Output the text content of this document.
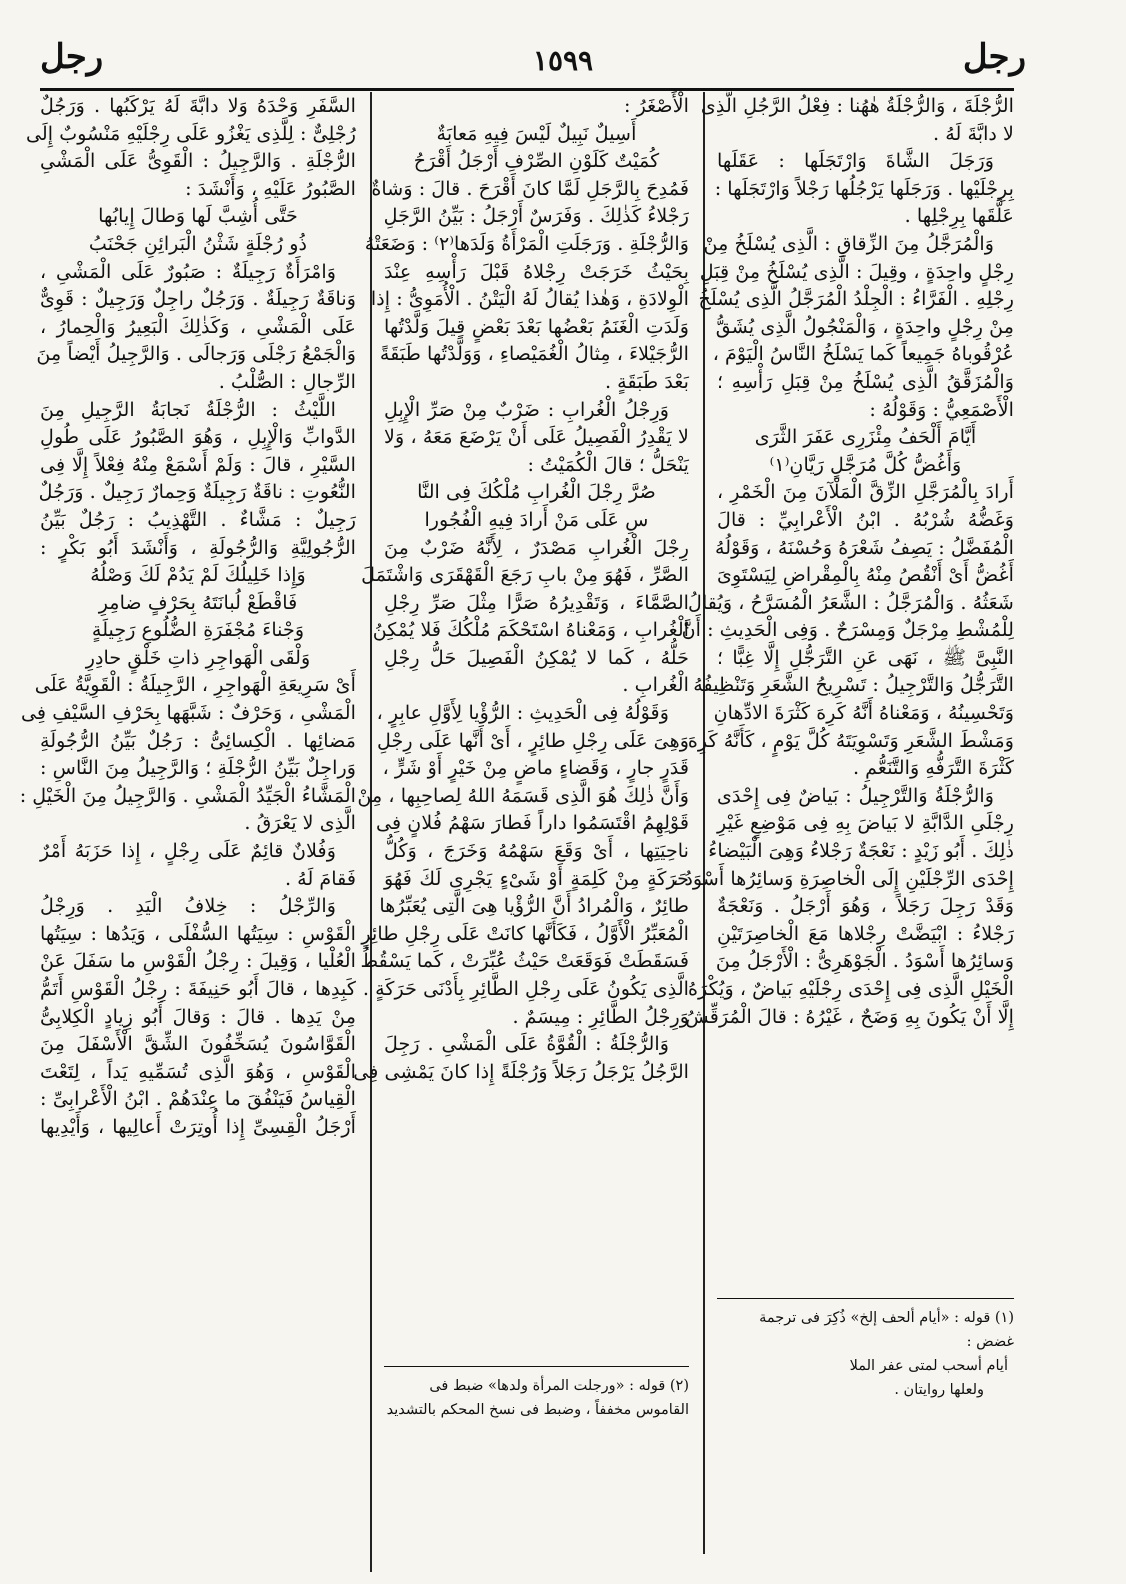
رجل
١٥٩٩
رجل

الرُّجْلَةَ ، وَالرُّجْلَةُ هٰهُنا : فِعْلُ الرَّجُلِ الَّذِى

لا دابَّةَ لَهُ .

وَرَجَلَ الشَّاةَ وَارْتَجَلَها : عَقَلَها

بِرِجْلَيْها . وَرَجَلَها يَرْجُلُها رَجْلاً وَارْتَجَلَها :

عَلَّقَها بِرِجْلِها .

وَالْمُرَجَّلُ مِنَ الزِّقاقِ : الَّذِى يُسْلَخُ مِنْ

رِجْلٍ واحِدَةٍ ، وقِيلَ : الَّذِى يُسْلَخُ مِنْ قِبَلِ

رِجْلِهِ . الْفَرَّاءُ : الْجِلْدُ الْمُرَجَّلُ الَّذِى يُسْلَخُ

مِنْ رِجْلٍ واحِدَةٍ ، وَالْمَنْجُولُ الَّذِى يُشَقُّ

عُرْقُوباهُ جَمِيعاً كَما يَسْلَخُ النَّاسُ الْيَوْمَ ،

وَالْمُزَقَّقُ الَّذِى يُسْلَخُ مِنْ قِبَلِ رَأْسِهِ ؛

الْأَصْمَعِيُّ : وَقَوْلُهُ :

أَيَّامَ أَلْحَفُ مِئْزَرِى عَفَرَ الثَّرَى

وَأَغُضُّ كُلَّ مُرَجَّلٍ رَيَّانِ⁽١⁾

أَرادَ بِالْمُرَجَّلِ الزِّقَّ الْمَلْآنَ مِنَ الْخَمْرِ ،

وَغَضُّهُ شُرْبُهُ . ابْنُ الْأَعْرابِيِّ : قالَ

الْمُفَضَّلُ : يَصِفُ شَعْرَهُ وَحُسْنَهُ ، وَقَوْلُهُ

أَغُضُّ أَىْ أَنْقُصُ مِنْهُ بِالْمِقْراضِ لِيَسْتَوِىَ

شَعَثُهُ . وَالْمُرَجَّلُ : الشَّعَرُ الْمُسَرَّحُ ، وَيُقالُ

لِلْمُشْطِ مِرْجَلٌ وَمِسْرَحٌ . وَفِى الْحَدِيثِ : أَنَّ

النَّبِىَّ ﷺ ، نَهَى عَنِ التَّرَجُّلِ إِلَّا غِبًّا ؛

التَّرَجُّلُ وَالتَّرْجِيلُ : تَسْرِيحُ الشَّعَرِ وَتَنْظِيفُهُ

وَتَحْسِينُهُ ، وَمَعْناهُ أَنَّهُ كَرِهَ كَثْرَةَ الادِّهانِ

وَمَشْطَ الشَّعَرِ وَتَسْوِيَتَهُ كُلَّ يَوْمٍ ، كَأَنَّهُ كَرِهَ

كَثْرَةَ التَّرَفُّهِ وَالتَّنَعُّمِ .

وَالرُّجْلَةُ وَالتَّرْجِيلُ : بَياضٌ فِى إِحْدَى

رِجْلَىِ الدَّابَّةِ لا بَياضَ بِهِ فِى مَوْضِعٍ غَيْرِ

ذٰلِكَ . أَبُو زَيْدٍ : نَعْجَةٌ رَجْلاءُ وَهِىَ الْبَيْضاءُ

إِحْدَى الرِّجْلَيْنِ إِلَى الْخاصِرَةِ وَسائِرُها أَسْوَدُ ،

وَقَدْ رَجِلَ رَجَلاً ، وَهُوَ أَرْجَلُ . وَنَعْجَةٌ

رَجْلاءُ : ابْيَضَّتْ رِجْلاها مَعَ الْخاصِرَتَيْنِ

وَسائِرُها أَسْوَدُ . الْجَوْهَرِىُّ : الْأَرْجَلُ مِنَ

الْخَيْلِ الَّذِى فِى إِحْدَى رِجْلَيْهِ بَياضٌ ، وَيُكْرَهُ

إِلَّا أَنْ يَكُونَ بِهِ وَضَحٌ ، غَيْرُهُ : قالَ الْمُرَقِّشُ

الْأَصْغَرُ :

أَسِيلٌ نَبِيلٌ لَيْسَ فِيهِ مَعابَةٌ

كُمَيْتٌ كَلَوْنِ الصِّرْفِ أَرْجَلُ أَقْرَحُ

فَمُدِحَ بِالرَّجَلِ لَمَّا كانَ أَقْرَحَ . قالَ : وَشاةٌ

رَجْلاءُ كَذٰلِكَ . وَفَرَسٌ أَرْجَلُ : بَيِّنُ الرَّجَلِ

وَالرُّجْلَةِ . وَرَجَلَتِ الْمَرْأَةُ وَلَدَها⁽٢⁾ : وَضَعَتْهُ

بِحَيْثُ خَرَجَتْ رِجْلاهُ قَبْلَ رَأْسِهِ عِنْدَ

الْوِلادَةِ ، وَهٰذا يُقالُ لَهُ الْيَتْنُ . الْأُمَوِىُّ : إِذا

وَلَدَتِ الْغَنَمُ بَعْضُها بَعْدَ بَعْضٍ قِيلَ وَلَّدْتُها

الرُّجَيْلاءَ ، مِثالُ الْغُمَيْصاءِ ، وَوَلَّدْتُها طَبَقَةً

بَعْدَ طَبَقَةٍ .

وَرِجْلُ الْغُرابِ : ضَرْبٌ مِنْ صَرِّ الْإِبِلِ

لا يَقْدِرُ الْفَصِيلُ عَلَى أَنْ يَرْضَعَ مَعَهُ ، وَلا

يَنْحَلُّ ؛ قالَ الْكُمَيْتُ :

صُرَّ رِجْلَ الْغُرابِ مُلْكُكَ فِى النَّا

سِ عَلَى مَنْ أَرادَ فِيهِ الْفُجُورا

رِجْلَ الْغُرابِ مَصْدَرٌ ، لِأَنَّهُ ضَرْبٌ مِنَ

الصَّرِّ ، فَهُوَ مِنْ بابِ رَجَعَ الْقَهْقَرَى وَاشْتَمَلَ

الصَّمَّاءَ ، وَتَقْدِيرُهُ صَرًّا مِثْلَ صَرِّ رِجْلِ

الْغُرابِ ، وَمَعْناهُ اسْتَحْكَمَ مُلْكُكَ فَلا يُمْكِنُ

حَلُّهُ ، كَما لا يُمْكِنُ الْفَصِيلَ حَلُّ رِجْلِ

الْغُرابِ .

وَقَوْلُهُ فِى الْحَدِيثِ : الرُّؤْيا لِأَوَّلِ عابِرٍ ،

وَهِىَ عَلَى رِجْلِ طائِرٍ ، أَىْ أَنَّها عَلَى رِجْلِ

قَدَرٍ جارٍ ، وَقَضاءٍ ماضٍ مِنْ خَيْرٍ أَوْ شَرٍّ ،

وَأَنَّ ذٰلِكَ هُوَ الَّذِى قَسَمَهُ اللهُ لِصاحِبِها ، مِنْ

قَوْلِهِمُ اقْتَسَمُوا داراً فَطارَ سَهْمُ فُلانٍ فِى

ناحِيَتِها ، أَىْ وَقَعَ سَهْمُهُ وَخَرَجَ ، وَكُلُّ

حَرَكَةٍ مِنْ كَلِمَةٍ أَوْ شَىْءٍ يَجْرِى لَكَ فَهُوَ

طائِرٌ ، وَالْمُرادُ أَنَّ الرُّؤْيا هِىَ الَّتِى يُعَبِّرُها

الْمُعَبِّرُ الْأَوَّلُ ، فَكَأَنَّها كانَتْ عَلَى رِجْلِ طائِرٍ

فَسَقَطَتْ فَوَقَعَتْ حَيْثُ عُبِّرَتْ ، كَما يَسْقُطُ

الَّذِى يَكُونُ عَلَى رِجْلِ الطَّائِرِ بِأَدْنَى حَرَكَةٍ .

وَرِجْلُ الطَّائِرِ : مِيسَمٌ .

وَالرُّجْلَةُ : الْقُوَّةُ عَلَى الْمَشْىِ . رَجِلَ

الرَّجُلُ يَرْجَلُ رَجَلاً وَرُجْلَةً إِذا كانَ يَمْشِى فِى

السَّفَرِ وَحْدَهُ وَلا دابَّةَ لَهُ يَرْكَبُها . وَرَجُلٌ

رُجْلِىٌّ : لِلَّذِى يَغْزُو عَلَى رِجْلَيْهِ مَنْسُوبٌ إِلَى

الرُّجْلَةِ . وَالرَّجِيلُ : الْقَوِىُّ عَلَى الْمَشْىِ

الصَّبُورُ عَلَيْهِ ، وَأَنْشَدَ :

حَتَّى أُشِبَّ لَها وَطالَ إِيابُها

ذُو رُجْلَةٍ شَثْنُ الْبَرائِنِ جَحْنَبُ

وَامْرَأَةٌ رَجِيلَةٌ : صَبُورٌ عَلَى الْمَشْىِ ،

وَناقَةٌ رَجِيلَةٌ . وَرَجُلٌ راجِلٌ وَرَجِيلٌ : قَوِىٌّ

عَلَى الْمَشْىِ ، وَكَذٰلِكَ الْبَعِيرُ وَالْحِمارُ ،

وَالْجَمْعُ رَجْلَى وَرَجالَى . وَالرَّجِيلُ أَيْضاً مِنَ

الرِّجالِ : الصُّلْبُ .

اللَّيْثُ : الرُّجْلَةُ نَجابَةُ الرَّجِيلِ مِنَ

الدَّوابِّ وَالْإِبِلِ ، وَهُوَ الصَّبُورُ عَلَى طُولِ

السَّيْرِ ، قالَ : وَلَمْ أَسْمَعْ مِنْهُ فِعْلاً إِلَّا فِى

النُّعُوتِ : ناقَةٌ رَجِيلَةٌ وَحِمارٌ رَجِيلٌ . وَرَجُلٌ

رَجِيلٌ : مَشَّاءٌ . التَّهْذِيبُ : رَجُلٌ بَيِّنُ

الرُّجُولِيَّةِ وَالرُّجُولَةِ ، وَأَنْشَدَ أَبُو بَكْرٍ :

وَإِذا خَلِيلُكَ لَمْ يَدُمْ لَكَ وَصْلُهُ

فَاقْطَعْ لُبانَتَهُ بِحَرْفٍ ضامِرِ

وَجْناءَ مُجْفَرَةِ الضُّلُوعِ رَجِيلَةٍ

وَلْقَى الْهَواجِرِ ذاتِ خَلْقٍ حادِرِ

أَىْ سَرِيعَةِ الْهَواجِرِ ، الرَّجِيلَةُ : الْقَوِيَّةُ عَلَى

الْمَشْىِ ، وَحَرْفٌ : شَبَّهَها بِحَرْفِ السَّيْفِ فِى

مَضائِها . الْكِسائِىُّ : رَجُلٌ بَيِّنُ الرُّجُولَةِ

وَراجِلٌ بَيِّنُ الرُّجْلَةِ ؛ وَالرَّجِيلُ مِنَ النَّاسِ :

الْمَشَّاءُ الْجَيِّدُ الْمَشْىِ . وَالرَّجِيلُ مِنَ الْخَيْلِ :

الَّذِى لا يَعْرَقُ .

وَفُلانٌ قائِمٌ عَلَى رِجْلٍ ، إِذا حَزَبَهُ أَمْرٌ

فَقامَ لَهُ .

وَالرِّجْلُ : خِلافُ الْيَدِ . وَرِجْلُ

الْقَوْسِ : سِيَتُها السُّفْلَى ، وَيَدُها : سِيَتُها

الْعُلْيا ، وَقِيلَ : رِجْلُ الْقَوْسِ ما سَفَلَ عَنْ

كَبِدِها ، قالَ أَبُو حَنِيفَةَ : رِجْلُ الْقَوْسِ أَتَمُّ

مِنْ يَدِها . قالَ : وَقالَ أَبُو زِيادٍ الْكِلابِىُّ

الْقَوَّاسُونَ يُسَخِّفُونَ الشِّقَّ الْأَسْفَلَ مِنَ

الْقَوْسِ ، وَهُوَ الَّذِى تُسَمِّيهِ يَداً ، لِتَعْتَ

الْقِياسُ فَيَنْفُقَ ما عِنْدَهُمْ . ابْنُ الْأَعْرابِىِّ :

أَرْجَلُ الْقِسِىِّ إِذا أُوتِرَتْ أَعالِيها ، وَأَيْدِيها

(١) قوله : «أيام ألحف إلخ» ذُكِرَ فى ترجمة

غضض :

أيام أسحب لمتى عفر الملا

ولعلها روايتان .

(٢) قوله : «ورجلت المرأة ولدها» ضبط فى

القاموس مخففاً ، وضبط فى نسخ المحكم بالتشديد
